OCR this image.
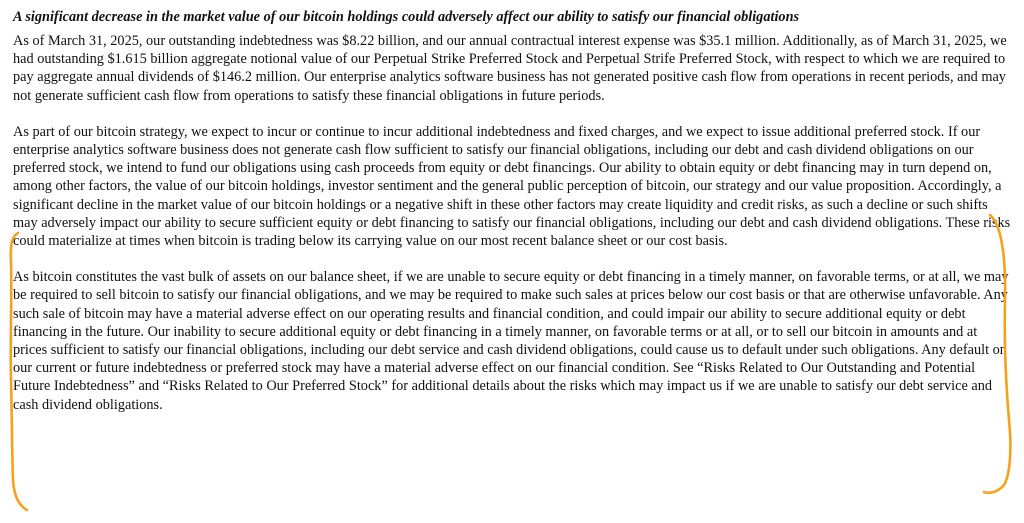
A significant decrease in the market value of our bitcoin holdings could adversely affect our ability to satisfy our financial obligations

As of March 31, 2025, our outstanding indebtedness was $8.22 billion, and our annual contractual interest expense was $35.1 million. Additionally, as of March 31, 2025, we had outstanding $1.615 billion aggregate notional value of our Perpetual Strike Preferred Stock and Perpetual Strife Preferred Stock, with respect to which we are required to pay aggregate annual dividends of $146.2 million. Our enterprise analytics software business has not generated positive cash flow from operations in recent periods, and may not generate sufficient cash flow from operations to satisfy these financial obligations in future periods.

As part of our bitcoin strategy, we expect to incur or continue to incur additional indebtedness and fixed charges, and we expect to issue additional preferred stock. If our enterprise analytics software business does not generate cash flow sufficient to satisfy our financial obligations, including our debt and cash dividend obligations on our preferred stock, we intend to fund our obligations using cash proceeds from equity or debt financings. Our ability to obtain equity or debt financing may in turn depend on, among other factors, the value of our bitcoin holdings, investor sentiment and the general public perception of bitcoin, our strategy and our value proposition. Accordingly, a significant decline in the market value of our bitcoin holdings or a negative shift in these other factors may create liquidity and credit risks, as such a decline or such shifts may adversely impact our ability to secure sufficient equity or debt financing to satisfy our financial obligations, including our debt and cash dividend obligations. These risks could materialize at times when bitcoin is trading below its carrying value on our most recent balance sheet or our cost basis.

As bitcoin constitutes the vast bulk of assets on our balance sheet, if we are unable to secure equity or debt financing in a timely manner, on favorable terms, or at all, we may be required to sell bitcoin to satisfy our financial obligations, and we may be required to make such sales at prices below our cost basis or that are otherwise unfavorable. Any such sale of bitcoin may have a material adverse effect on our operating results and financial condition, and could impair our ability to secure additional equity or debt financing in the future. Our inability to secure additional equity or debt financing in a timely manner, on favorable terms or at all, or to sell our bitcoin in amounts and at prices sufficient to satisfy our financial obligations, including our debt service and cash dividend obligations, could cause us to default under such obligations. Any default on our current or future indebtedness or preferred stock may have a material adverse effect on our financial condition. See “Risks Related to Our Outstanding and Potential Future Indebtedness” and “Risks Related to Our Preferred Stock” for additional details about the risks which may impact us if we are unable to satisfy our debt service and cash dividend obligations.
